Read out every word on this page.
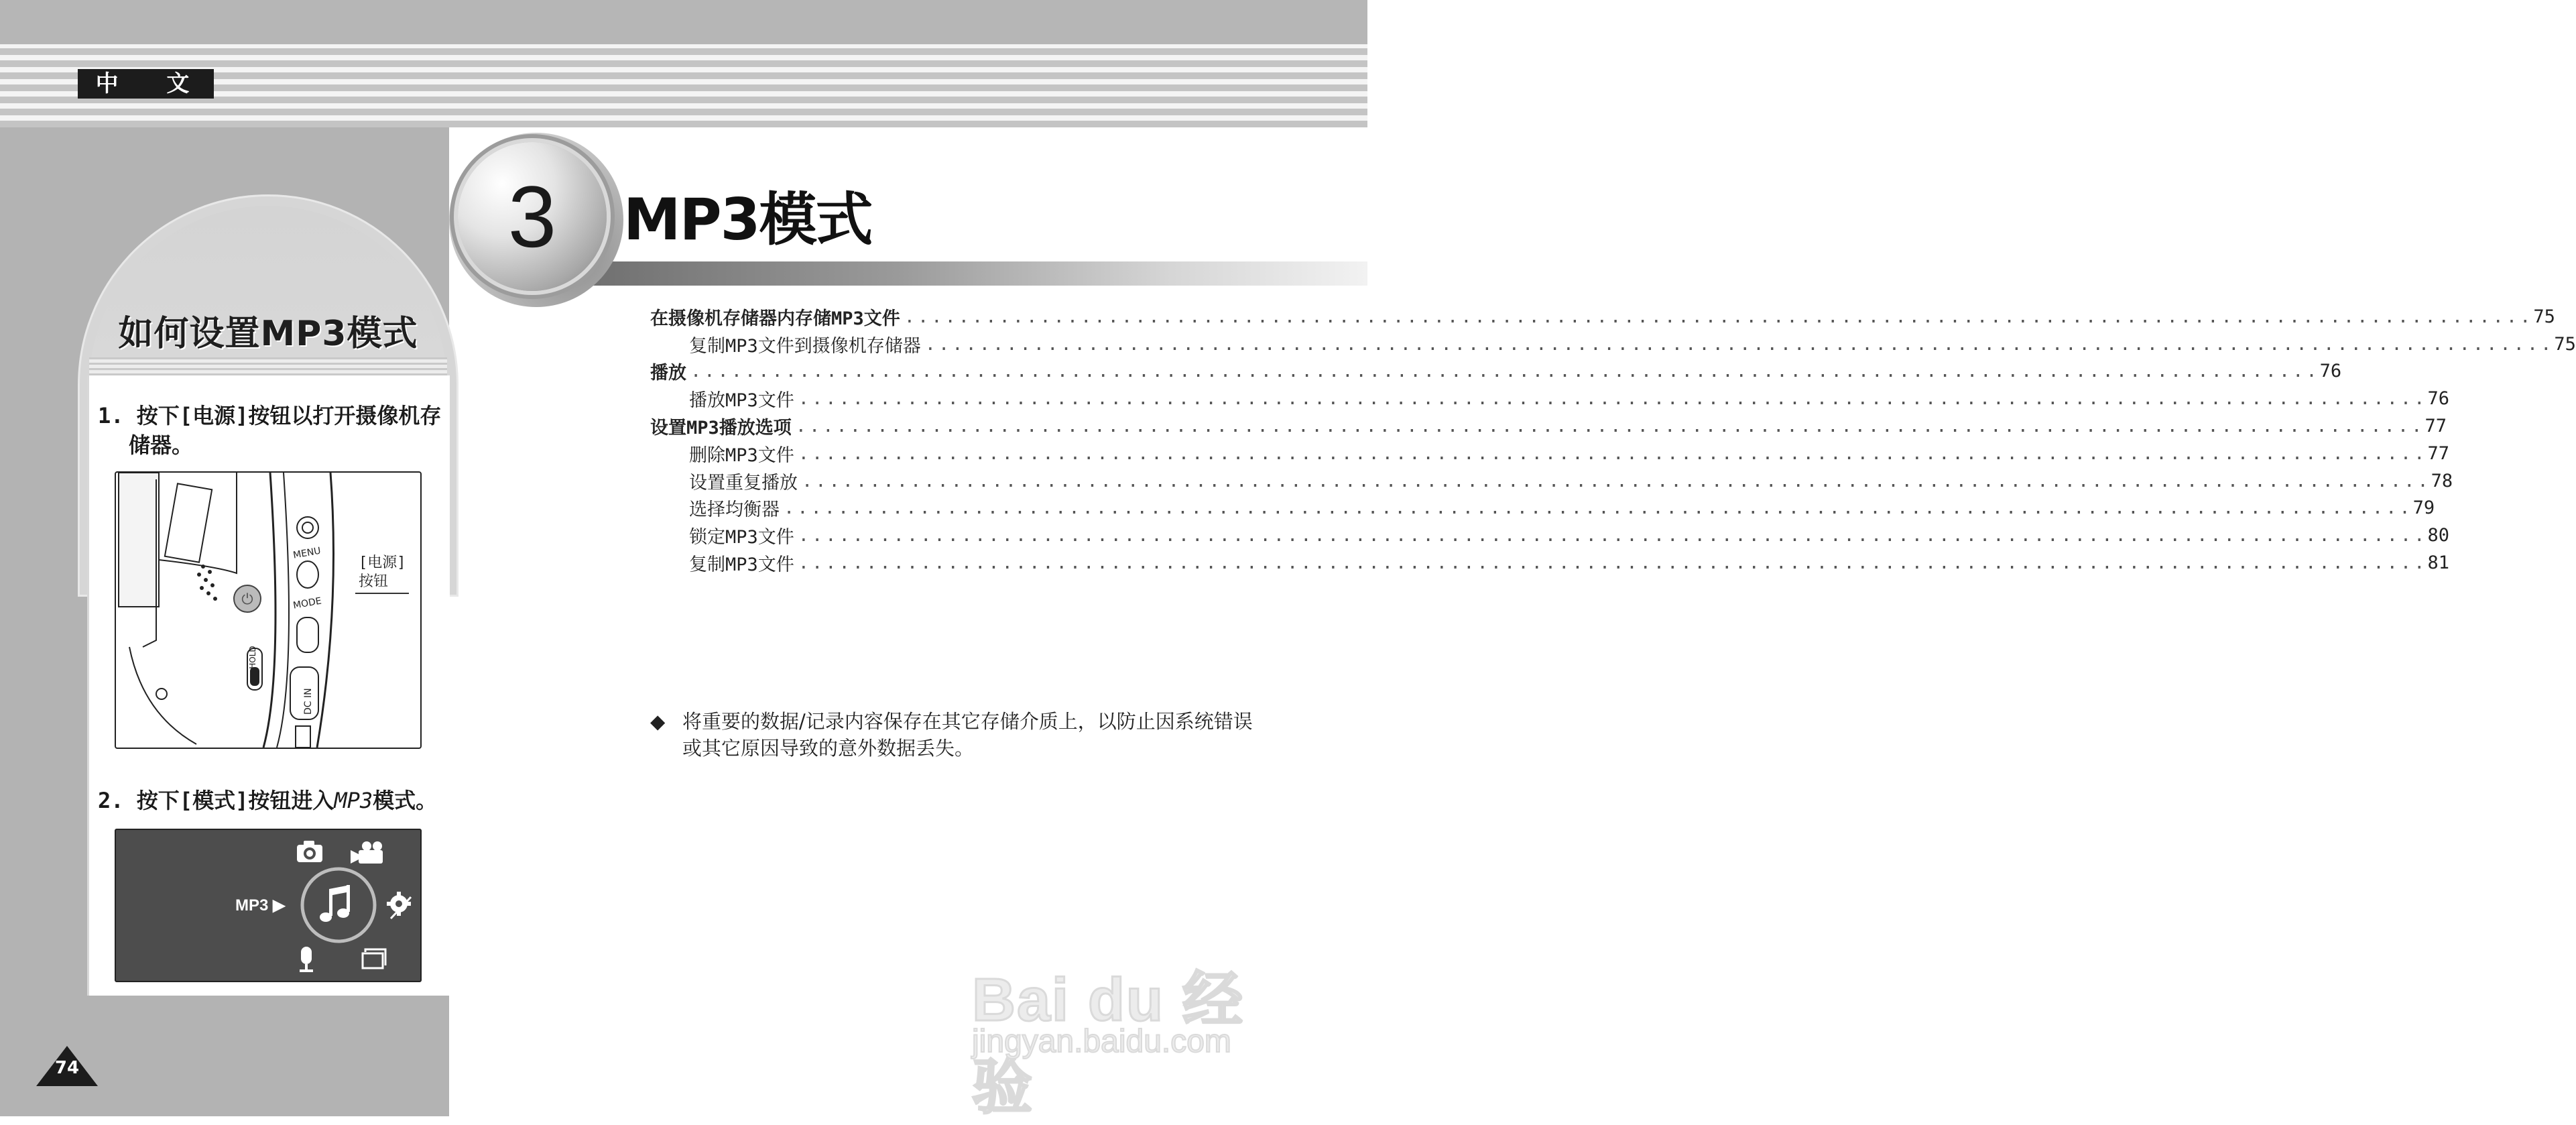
中 文
如何设置MP3模式
1. 按下[电源]按钮以打开摄像机存
储器。
⏻
MENU
MODE
◄HOLD
DC IN
[电源]
按钮
2. 按下[模式]按钮进入MP3模式。
MP3 ▶
3	MP3模式
在摄像机存储器内存储MP3文件 ........................................................................................................................ 75
复制MP3文件到摄像机存储器 ........................................................................................................................ 75
播放 ........................................................................................................................ 76
播放MP3文件 ........................................................................................................................ 76
设置MP3播放选项 ........................................................................................................................ 77
删除MP3文件 ........................................................................................................................ 77
设置重复播放 ........................................................................................................................ 78
选择均衡器 ........................................................................................................................ 79
锁定MP3文件 ........................................................................................................................ 80
复制MP3文件 ........................................................................................................................ 81
◆ 将重要的数据/记录内容保存在其它存储介质上，以防止因系统错误或其它原因导致的意外数据丢失。
74
Bai du 经验
jingyan.baidu.com
